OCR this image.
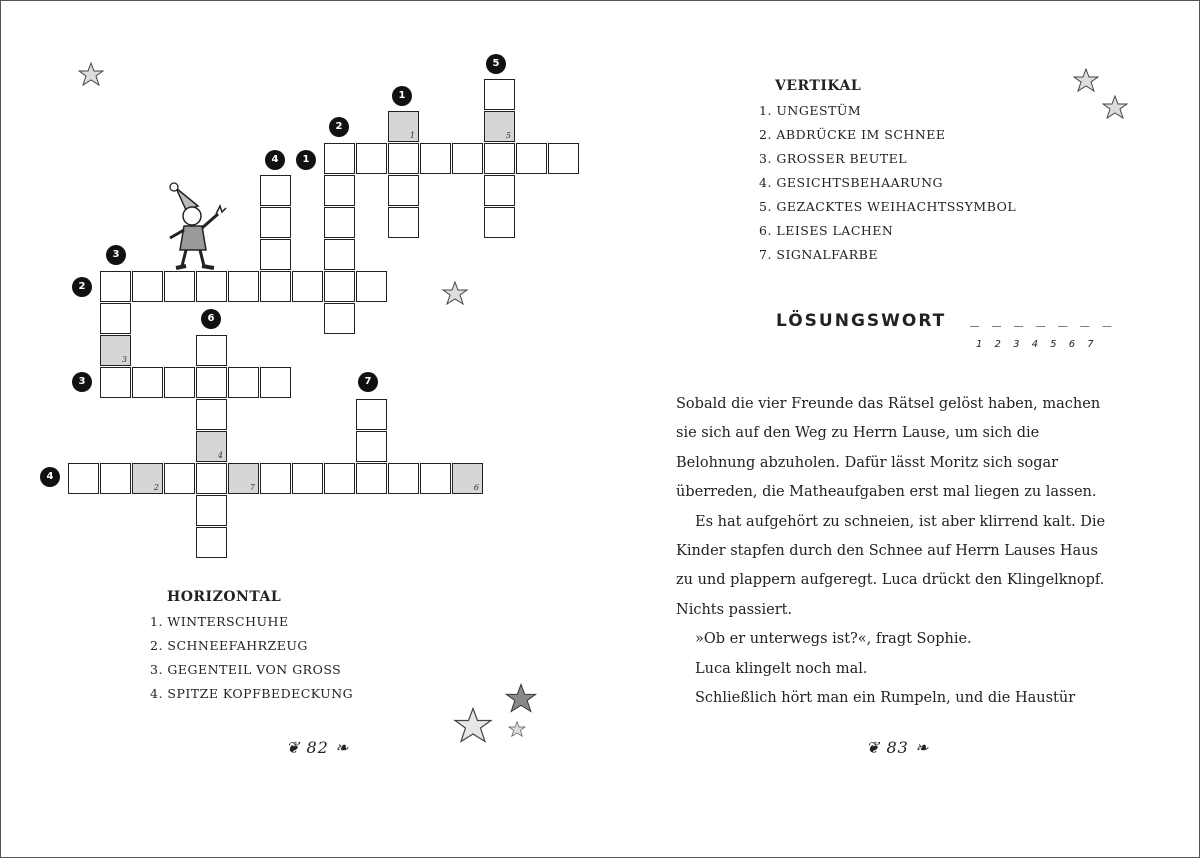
2	7	6
1	5
3
4
1
2
5
4	1
3
2
6
3	7
4
HORIZONTAL
1. WINTERSCHUHE
2. SCHNEEFAHRZEUG
3. GEGENTEIL VON GROSS
4. SPITZE KOPFBEDECKUNG
VERTIKAL
1. UNGESTÜM
2. ABDRÜCKE IM SCHNEE
3. GROSSER BEUTEL
4. GESICHTSBEHAARUNG
5. GEZACKTES WEIHACHTSSYMBOL
6. LEISES LACHEN
7. SIGNALFARBE
LÖSUNGSWORT _ _ _ _ _ _ _
1 2 3 4 5 6 7

Sobald die vier Freunde das Rätsel gelöst haben, machen sie sich auf den Weg zu Herrn Lause, um sich die Belohnung abzuholen. Dafür lässt Moritz sich sogar überreden, die Matheaufgaben erst mal liegen zu lassen.

Es hat aufgehört zu schneien, ist aber klirrend kalt. Die Kinder stapfen durch den Schnee auf Herrn Lauses Haus zu und plappern aufgeregt. Luca drückt den Klingelknopf. Nichts passiert.

»Ob er unterwegs ist?«, fragt Sophie.

Luca klingelt noch mal.

Schließlich hört man ein Rumpeln, und die Haustür

❦ 82 ❧	❦ 83 ❧
